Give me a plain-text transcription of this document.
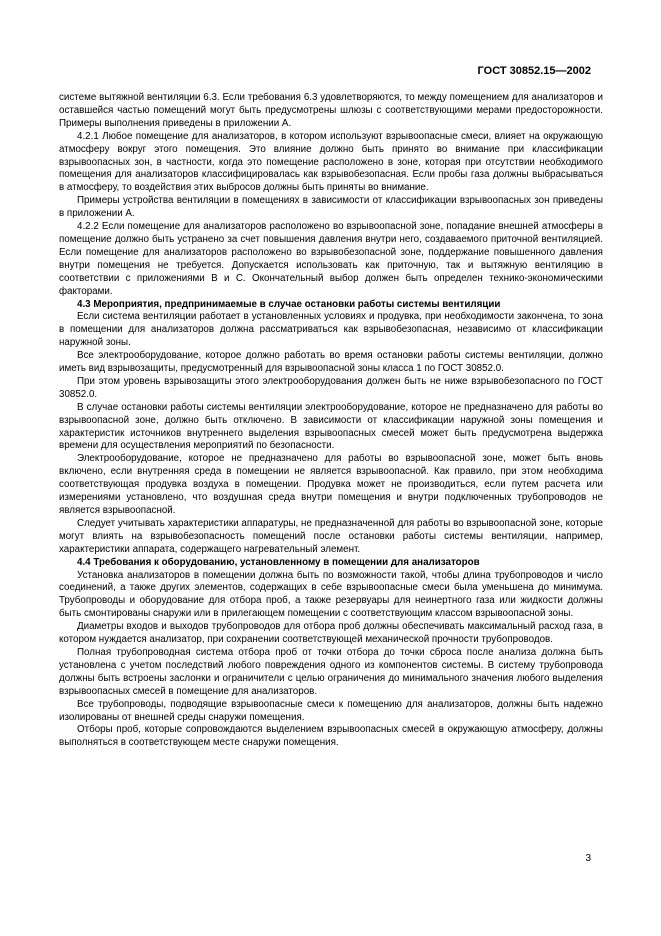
ГОСТ 30852.15—2002

системе вытяжной вентиляции 6.3. Если требования 6.3 удовлетворяются, то между помещением для анализаторов и оставшейся частью помещений могут быть предусмотрены шлюзы с соответствующими мерами предосторожности. Примеры выполнения приведены в приложении А.

4.2.1 Любое помещение для анализаторов, в котором используют взрывоопасные смеси, влияет на окружающую атмосферу вокруг этого помещения. Это влияние должно быть принято во внимание при классификации взрывоопасных зон, в частности, когда это помещение расположено в зоне, которая при отсутствии необходимого помещения для анализаторов классифицировалась как взрывобезопасная. Если пробы газа должны выбрасываться в атмосферу, то воздействия этих выбросов должны быть приняты во внимание.

Примеры устройства вентиляции в помещениях в зависимости от классификации взрывоопасных зон приведены в приложении А.

4.2.2 Если помещение для анализаторов расположено во взрывоопасной зоне, попадание внешней атмосферы в помещение должно быть устранено за счет повышения давления внутри него, создаваемого приточной вентиляцией. Если помещение для анализаторов расположено во взрывобезопасной зоне, поддержание повышенного давления внутри помещения не требуется. Допускается использовать как приточную, так и вытяжную вентиляцию в соответствии с приложениями В и С. Окончательный выбор должен быть определен технико-экономическими факторами.

4.3 Мероприятия, предпринимаемые в случае остановки работы системы вентиляции

Если система вентиляции работает в установленных условиях и продувка, при необходимости закончена, то зона в помещении для анализаторов должна рассматриваться как взрывобезопасная, независимо от классификации наружной зоны.

Все электрооборудование, которое должно работать во время остановки работы системы вентиляции, должно иметь вид взрывозащиты, предусмотренный для взрывоопасной зоны класса 1 по ГОСТ 30852.0.

При этом уровень взрывозащиты этого электрооборудования должен быть не ниже взрывобезопасного по ГОСТ 30852.0.

В случае остановки работы системы вентиляции электрооборудование, которое не предназначено для работы во взрывоопасной зоне, должно быть отключено. В зависимости от классификации наружной зоны помещения и характеристик источников внутреннего выделения взрывоопасных смесей может быть предусмотрена выдержка времени для осуществления мероприятий по безопасности.

Электрооборудование, которое не предназначено для работы во взрывоопасной зоне, может быть вновь включено, если внутренняя среда в помещении не является взрывоопасной. Как правило, при этом необходима соответствующая продувка воздуха в помещении. Продувка может не производиться, если путем расчета или измерениями установлено, что воздушная среда внутри помещения и внутри подключенных трубопроводов не является взрывоопасной.

Следует учитывать характеристики аппаратуры, не предназначенной для работы во взрывоопасной зоне, которые могут влиять на взрывобезопасность помещений после остановки работы системы вентиляции, например, характеристики аппарата, содержащего нагревательный элемент.

4.4 Требования к оборудованию, установленному в помещении для анализаторов

Установка анализаторов в помещении должна быть по возможности такой, чтобы длина трубопроводов и число соединений, а также других элементов, содержащих в себе взрывоопасные смеси была уменьшена до минимума. Трубопроводы и оборудование для отбора проб, а также резервуары для неинертного газа или жидкости должны быть смонтированы снаружи или в прилегающем помещении с соответствующим классом взрывоопасной зоны.

Диаметры входов и выходов трубопроводов для отбора проб должны обеспечивать максимальный расход газа, в котором нуждается анализатор, при сохранении соответствующей механической прочности трубопроводов.

Полная трубопроводная система отбора проб от точки отбора до точки сброса после анализа должна быть установлена с учетом последствий любого повреждения одного из компонентов системы. В систему трубопровода должны быть встроены заслонки и ограничители с целью ограничения до минимального значения любого выделения взрывоопасных смесей в помещение для анализаторов.

Все трубопроводы, подводящие взрывоопасные смеси к помещению для анализаторов, должны быть надежно изолированы от внешней среды снаружи помещения.

Отборы проб, которые сопровождаются выделением взрывоопасных смесей в окружающую атмосферу, должны выполняться в соответствующем месте снаружи помещения.

3
